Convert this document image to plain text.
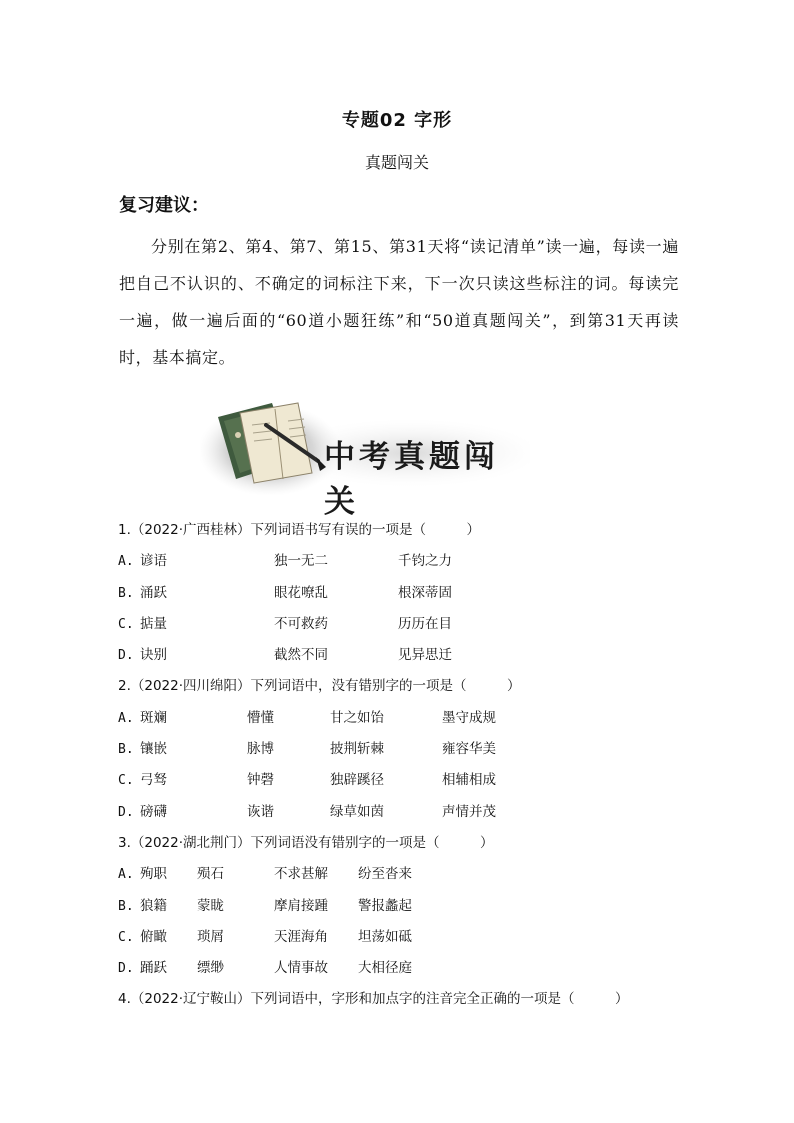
专题02 字形
真题闯关
复习建议：
分别在第2、第4、第7、第15、第31天将“读记清单”读一遍，每读一遍把自己不认识的、不确定的词标注下来，下一次只读这些标注的词。每读完一遍，做一遍后面的“60道小题狂练”和“50道真题闯关”，到第31天再读时，基本搞定。
中考真题闯关
1.（2022·广西桂林）下列词语书写有误的一项是（　　　）
A. 谚语	独一无二	千钧之力
B. 涌跃	眼花嘹乱	根深蒂固
C. 掂量	不可救药	历历在目
D. 诀别	截然不同	见异思迁
2.（2022·四川绵阳）下列词语中，没有错别字的一项是（　　　）
A. 斑斓	懵懂	甘之如饴	墨守成规
B. 镶嵌	脉博	披荆斩棘	雍容华美
C. 弓驽	钟磬	独辟蹊径	相辅相成
D. 磅礴	诙谐	绿草如茵	声情并茂
3.（2022·湖北荆门）下列词语没有错别字的一项是（　　　）
A. 殉职 殒石	不求甚解 纷至沓来
B. 狼籍 蒙眬	摩肩接踵 警报蠡起
C. 俯瞰 琐屑	天涯海角 坦荡如砥
D. 踊跃 缥缈	人情事故 大相径庭
4.（2022·辽宁鞍山）下列词语中，字形和加点字的注音完全正确的一项是（　　　）
